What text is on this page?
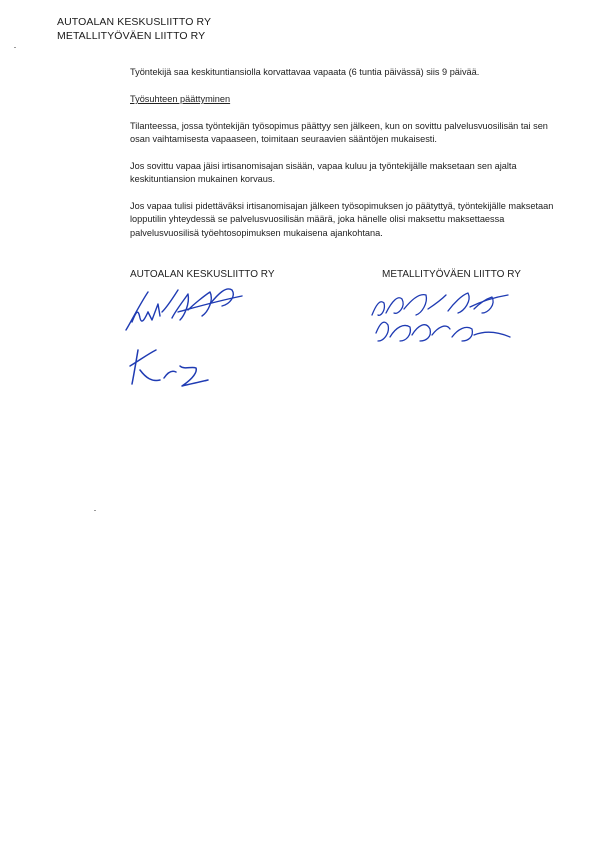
AUTOALAN KESKUSLIITTO RY
METALLITYÖVÄEN LIITTO RY

Työntekijä saa keskituntiansiolla korvattavaa vapaata (6 tuntia päivässä) siis 9 päivää.

Työsuhteen päättyminen

Tilanteessa, jossa työntekijän työsopimus päättyy sen jälkeen, kun on sovittu palvelusvuosilisän tai sen osan vaihtamisesta vapaaseen, toimitaan seuraavien sääntöjen mukaisesti.

Jos sovittu vapaa jäisi irtisanomisajan sisään, vapaa kuluu ja työntekijälle maksetaan sen ajalta keskituntiansion mukainen korvaus.

Jos vapaa tulisi pidettäväksi irtisanomisajan jälkeen työsopimuksen jo päätyttyä, työntekijälle maksetaan lopputilin yhteydessä se palvelusvuosilisän määrä, joka hänelle olisi maksettu maksettaessa palvelusvuosilisä työehtosopimuksen mukaisena ajankohtana.

AUTOALAN KESKUSLIITTO RY	METALLITYÖVÄEN LIITTO RY
